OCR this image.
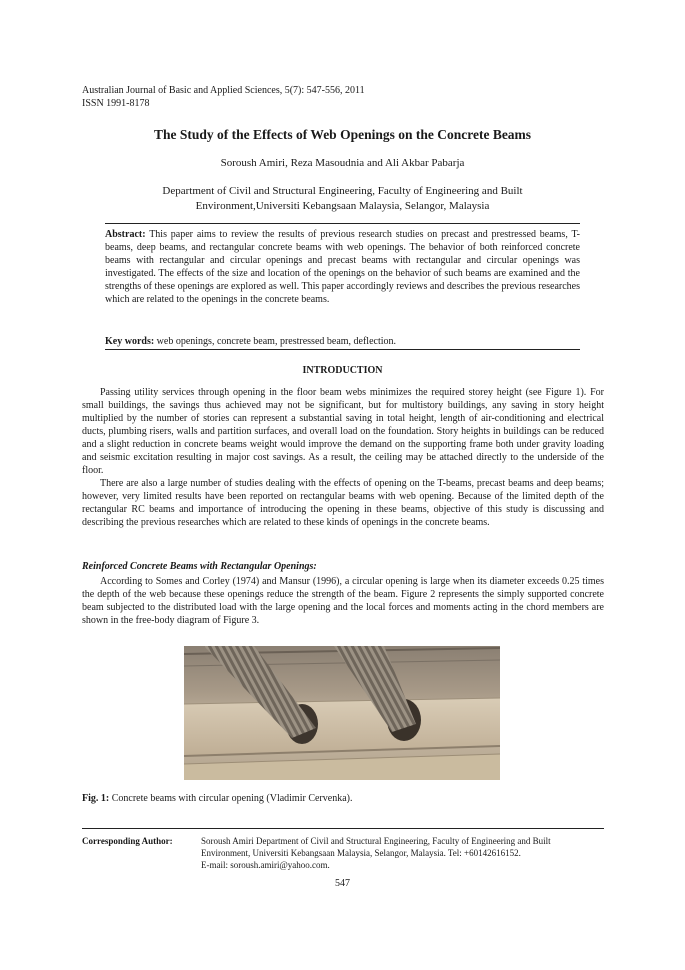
Australian Journal of Basic and Applied Sciences, 5(7): 547-556, 2011
ISSN 1991-8178
The Study of the Effects of Web Openings on the Concrete Beams
Soroush Amiri, Reza Masoudnia and Ali Akbar Pabarja
Department of Civil and Structural Engineering, Faculty of Engineering and Built Environment,Universiti Kebangsaan Malaysia, Selangor, Malaysia
Abstract: This paper aims to review the results of previous research studies on precast and prestressed beams, T-beams, deep beams, and rectangular concrete beams with web openings. The behavior of both reinforced concrete beams with rectangular and circular openings and precast beams with rectangular and circular openings was investigated. The effects of the size and location of the openings on the behavior of such beams are examined and the strengths of these openings are explored as well. This paper accordingly reviews and describes the previous researches which are related to the openings in the concrete beams.
Key words: web openings, concrete beam, prestressed beam, deflection.
INTRODUCTION

Passing utility services through opening in the floor beam webs minimizes the required storey height (see Figure 1). For small buildings, the savings thus achieved may not be significant, but for multistory buildings, any saving in story height multiplied by the number of stories can represent a substantial saving in total height, length of air-conditioning and electrical ducts, plumbing risers, walls and partition surfaces, and overall load on the foundation. Story heights in buildings can be reduced and a slight reduction in concrete beams weight would improve the demand on the supporting frame both under gravity loading and seismic excitation resulting in major cost savings. As a result, the ceiling may be attached directly to the underside of the floor.

There are also a large number of studies dealing with the effects of opening on the T-beams, precast beams and deep beams; however, very limited results have been reported on rectangular beams with web opening. Because of the limited depth of the rectangular RC beams and importance of introducing the opening in these beams, objective of this study is discussing and describing the previous researches which are related to these kinds of openings in the concrete beams.

Reinforced Concrete Beams with Rectangular Openings:

According to Somes and Corley (1974) and Mansur (1996), a circular opening is large when its diameter exceeds 0.25 times the depth of the web because these openings reduce the strength of the beam. Figure 2 represents the simply supported concrete beam subjected to the distributed load with the large opening and the local forces and moments acting in the chord members are shown in the free-body diagram of Figure 3.

Fig. 1: Concrete beams with circular opening (Vladimir Cervenka).
Corresponding Author:	Soroush Amiri Department of Civil and Structural Engineering, Faculty of Engineering and Built
Environment, Universiti Kebangsaan Malaysia, Selangor, Malaysia. Tel: +60142616152.
E-mail: soroush.amiri@yahoo.com.
547
